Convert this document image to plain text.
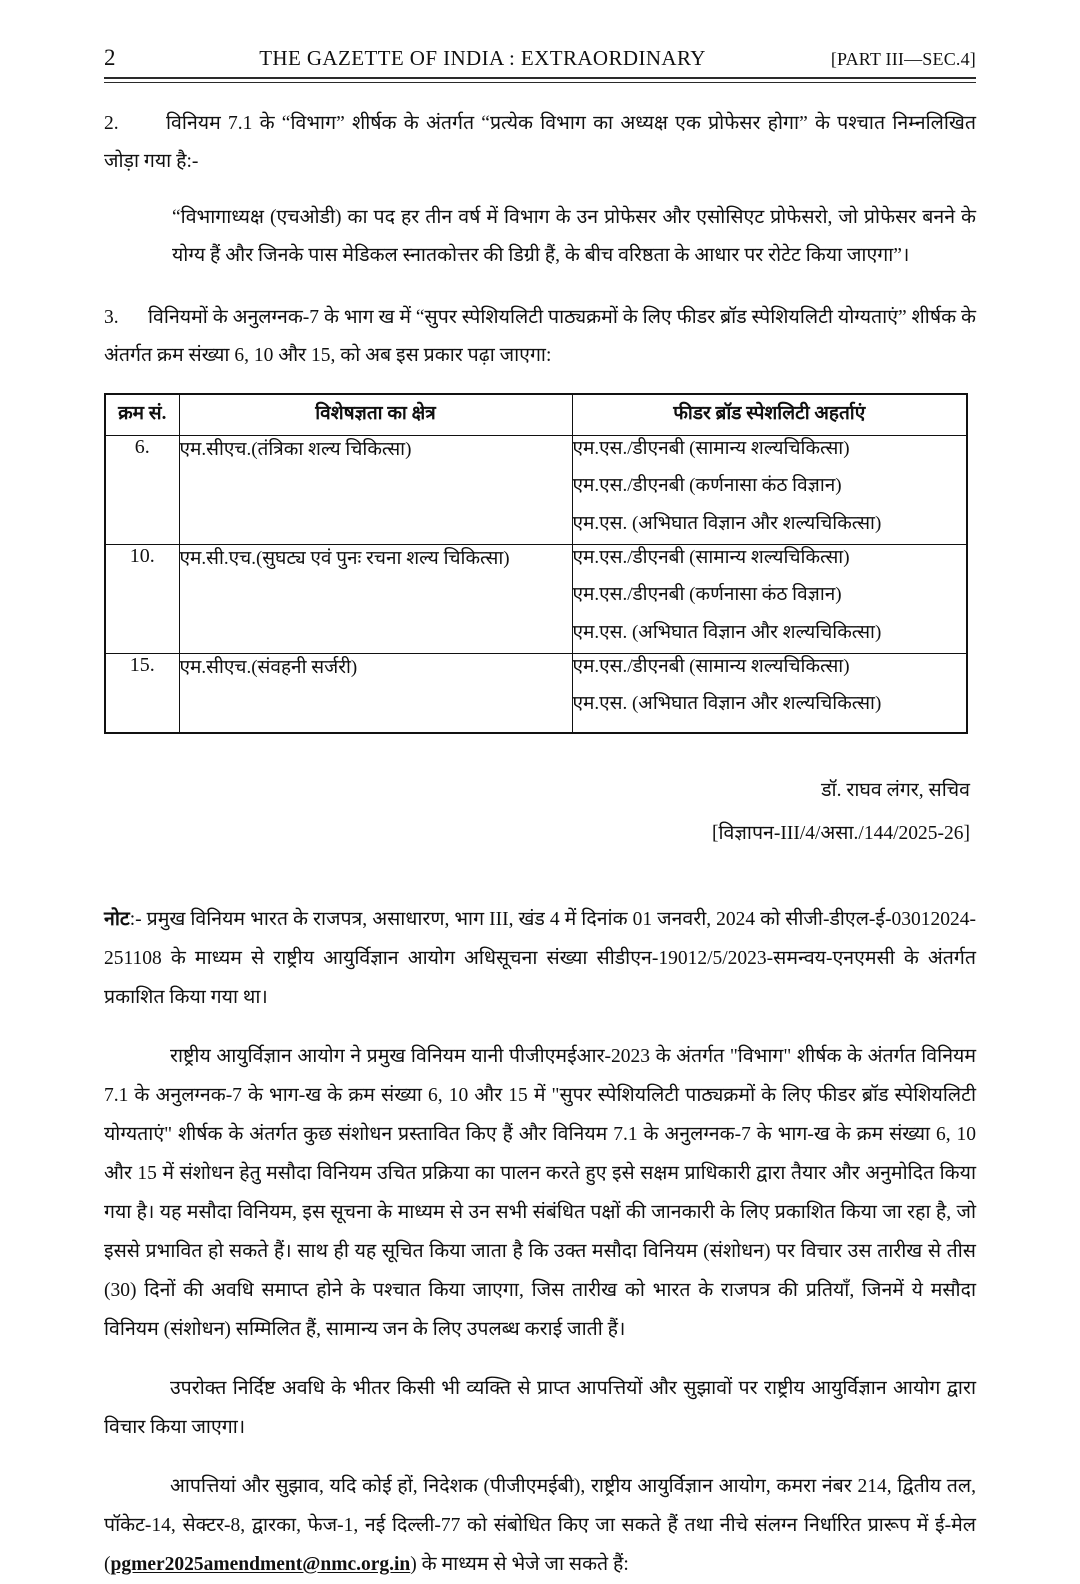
2	THE GAZETTE OF INDIA : EXTRAORDINARY	[PART III—SEC.4]
2. विनियम 7.1 के “विभाग” शीर्षक के अंतर्गत “प्रत्येक विभाग का अध्यक्ष एक प्रोफेसर होगा” के पश्चात निम्नलिखित जोड़ा गया है:-
“विभागाध्यक्ष (एचओडी) का पद हर तीन वर्ष में विभाग के उन प्रोफेसर और एसोसिएट प्रोफेसरो, जो प्रोफेसर बनने के योग्य हैं और जिनके पास मेडिकल स्नातकोत्तर की डिग्री हैं, के बीच वरिष्ठता के आधार पर रोटेट किया जाएगा”।
3. विनियमों के अनुलग्नक-7 के भाग ख में “सुपर स्पेशियलिटी पाठ्यक्रमों के लिए फीडर ब्रॉड स्पेशियलिटी योग्यताएं” शीर्षक के अंतर्गत क्रम संख्या 6, 10 और 15, को अब इस प्रकार पढ़ा जाएगा:
क्रम सं.	विशेषज्ञता का क्षेत्र	फीडर ब्रॉड स्पेशलिटी अहर्ताएं
6.	एम.सीएच.(तंत्रिका शल्य चिकित्सा)	एम.एस./डीएनबी (सामान्य शल्यचिकित्सा)
एम.एस./डीएनबी (कर्णनासा कंठ विज्ञान)
एम.एस. (अभिघात विज्ञान और शल्यचिकित्सा)

10.	एम.सी.एच.(सुघट्य एवं पुनः रचना शल्य चिकित्सा)	एम.एस./डीएनबी (सामान्य शल्यचिकित्सा)
एम.एस./डीएनबी (कर्णनासा कंठ विज्ञान)
एम.एस. (अभिघात विज्ञान और शल्यचिकित्सा)

15.	एम.सीएच.(संवहनी सर्जरी)	एम.एस./डीएनबी (सामान्य शल्यचिकित्सा)
एम.एस. (अभिघात विज्ञान और शल्यचिकित्सा)
डॉ. राघव लंगर, सचिव
[विज्ञापन-III/4/असा./144/2025-26]
नोट:- प्रमुख विनियम भारत के राजपत्र, असाधारण, भाग III, खंड 4 में दिनांक 01 जनवरी, 2024 को सीजी-डीएल-ई-03012024-251108 के माध्यम से राष्ट्रीय आयुर्विज्ञान आयोग अधिसूचना संख्या सीडीएन-19012/5/2023-समन्वय-एनएमसी के अंतर्गत प्रकाशित किया गया था।
राष्ट्रीय आयुर्विज्ञान आयोग ने प्रमुख विनियम यानी पीजीएमईआर-2023 के अंतर्गत "विभाग" शीर्षक के अंतर्गत विनियम 7.1 के अनुलग्नक-7 के भाग-ख के क्रम संख्या 6, 10 और 15 में "सुपर स्पेशियलिटी पाठ्यक्रमों के लिए फीडर ब्रॉड स्पेशियलिटी योग्यताएं" शीर्षक के अंतर्गत कुछ संशोधन प्रस्तावित किए हैं और विनियम 7.1 के अनुलग्नक-7 के भाग-ख के क्रम संख्या 6, 10 और 15 में संशोधन हेतु मसौदा विनियम उचित प्रक्रिया का पालन करते हुए इसे सक्षम प्राधिकारी द्वारा तैयार और अनुमोदित किया गया है। यह मसौदा विनियम, इस सूचना के माध्यम से उन सभी संबंधित पक्षों की जानकारी के लिए प्रकाशित किया जा रहा है, जो इससे प्रभावित हो सकते हैं। साथ ही यह सूचित किया जाता है कि उक्त मसौदा विनियम (संशोधन) पर विचार उस तारीख से तीस (30) दिनों की अवधि समाप्त होने के पश्चात किया जाएगा, जिस तारीख को भारत के राजपत्र की प्रतियाँ, जिनमें ये मसौदा विनियम (संशोधन) सम्मिलित हैं, सामान्य जन के लिए उपलब्ध कराई जाती हैं।
उपरोक्त निर्दिष्ट अवधि के भीतर किसी भी व्यक्ति से प्राप्त आपत्तियों और सुझावों पर राष्ट्रीय आयुर्विज्ञान आयोग द्वारा विचार किया जाएगा।
आपत्तियां और सुझाव, यदि कोई हों, निदेशक (पीजीएमईबी), राष्ट्रीय आयुर्विज्ञान आयोग, कमरा नंबर 214, द्वितीय तल, पॉकेट-14, सेक्टर-8, द्वारका, फेज-1, नई दिल्ली-77 को संबोधित किए जा सकते हैं तथा नीचे संलग्न निर्धारित प्रारूप में ई-मेल (pgmer2025amendment@nmc.org.in) के माध्यम से भेजे जा सकते हैं:
